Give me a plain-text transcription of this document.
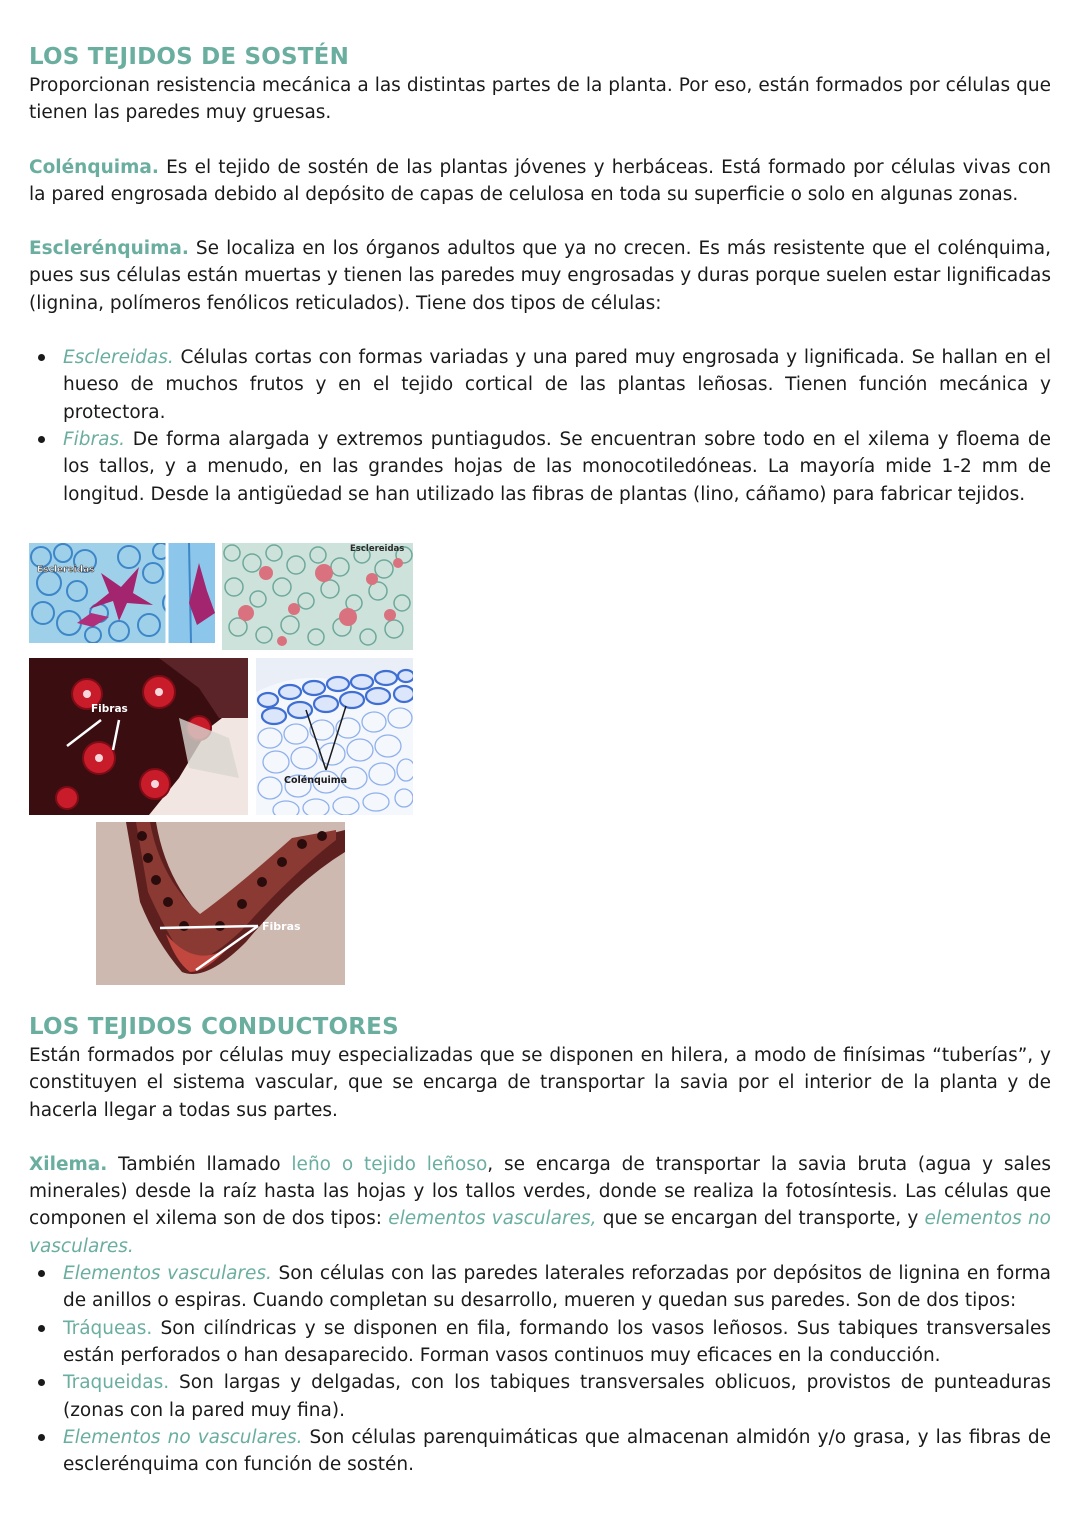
LOS TEJIDOS DE SOSTÉN

Proporcionan resistencia mecánica a las distintas partes de la planta. Por eso, están formados por células que tienen las paredes muy gruesas.

Colénquima. Es el tejido de sostén de las plantas jóvenes y herbáceas. Está formado por células vivas con la pared engrosada debido al depósito de capas de celulosa en toda su superficie o solo en algunas zonas.

Esclerénquima. Se localiza en los órganos adultos que ya no crecen. Es más resistente que el colénquima, pues sus células están muertas y tienen las paredes muy engrosadas y duras porque suelen estar lignificadas (lignina, polímeros fenólicos reticulados). Tiene dos tipos de células:

Esclereidas. Células cortas con formas variadas y una pared muy engrosada y lignificada. Se hallan en el hueso de muchos frutos y en el tejido cortical de las plantas leñosas. Tienen función mecánica y protectora.
Fibras. De forma alargada y extremos puntiagudos. Se encuentran sobre todo en el xilema y floema de los tallos, y a menudo, en las grandes hojas de las monocotiledóneas. La mayoría mide 1-2 mm de longitud. Desde la antigüedad se han utilizado las fibras de plantas (lino, cáñamo) para fabricar tejidos.
Esclereidas
Esclereidas
Fibras
Colénquima
Fibras
LOS TEJIDOS CONDUCTORES

Están formados por células muy especializadas que se disponen en hilera, a modo de finísimas “tuberías”, y constituyen el sistema vascular, que se encarga de transportar la savia por el interior de la planta y de hacerla llegar a todas sus partes.

Xilema. También llamado leño o tejido leñoso, se encarga de transportar la savia bruta (agua y sales minerales) desde la raíz hasta las hojas y los tallos verdes, donde se realiza la fotosíntesis. Las células que componen el xilema son de dos tipos: elementos vasculares, que se encargan del transporte, y elementos no vasculares.

Elementos vasculares. Son células con las paredes laterales reforzadas por depósitos de lignina en forma de anillos o espiras. Cuando completan su desarrollo, mueren y quedan sus paredes. Son de dos tipos:
Tráqueas. Son cilíndricas y se disponen en fila, formando los vasos leñosos. Sus tabiques transversales están perforados o han desaparecido. Forman vasos continuos muy eficaces en la conducción.
Traqueidas. Son largas y delgadas, con los tabiques transversales oblicuos, provistos de punteaduras (zonas con la pared muy fina).
Elementos no vasculares. Son células parenquimáticas que almacenan almidón y/o grasa, y las fibras de esclerénquima con función de sostén.
